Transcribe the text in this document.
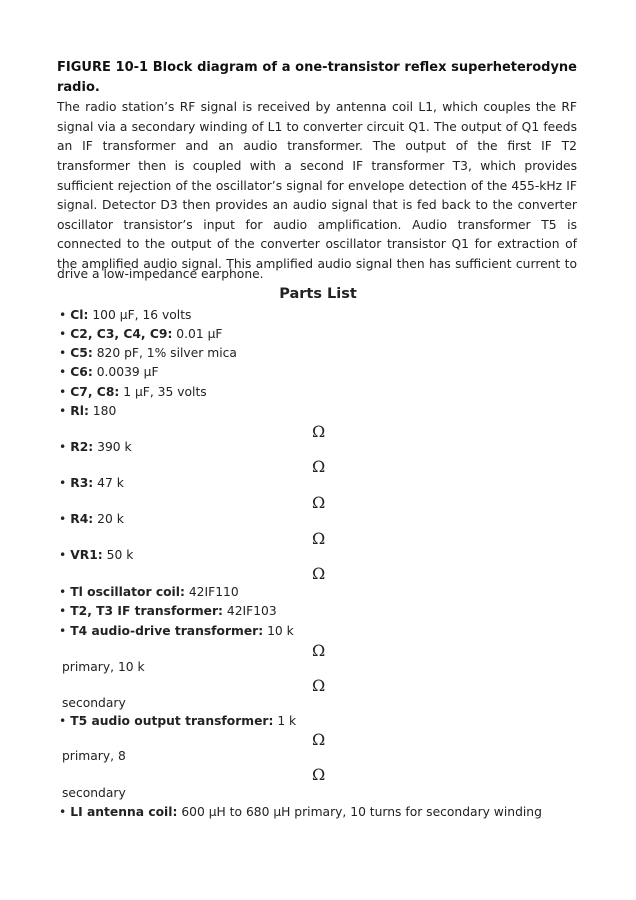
FIGURE 10-1 Block diagram of a one-transistor reflex superheterodyne
radio.
The radio station’s RF signal is received by antenna coil L1, which couples the RF
signal via a secondary winding of L1 to converter circuit Q1. The output of Q1 feeds
an IF transformer and an audio transformer. The output of the first IF T2
transformer then is coupled with a second IF transformer T3, which provides
sufficient rejection of the oscillator’s signal for envelope detection of the 455-kHz IF
signal. Detector D3 then provides an audio signal that is fed back to the converter
oscillator transistor’s input for audio amplification. Audio transformer T5 is
connected to the output of the converter oscillator transistor Q1 for extraction of
the amplified audio signal. This amplified audio signal then has sufficient current to
drive a low-impedance earphone.
Parts List
• Cl: 100 µF, 16 volts
• C2, C3, C4, C9: 0.01 µF
• C5: 820 pF, 1% silver mica
• C6: 0.0039 µF
• C7, C8: 1 µF, 35 volts
• Rl: 180
Ω
• R2: 390 k
Ω
• R3: 47 k
Ω
• R4: 20 k
Ω
• VR1: 50 k
Ω
• Tl oscillator coil: 42IF110
• T2, T3 IF transformer: 42IF103
• T4 audio-drive transformer: 10 k
Ω
primary, 10 k
Ω
secondary
• T5 audio output transformer: 1 k
Ω
primary, 8
Ω
secondary
• LI antenna coil: 600 µH to 680 µH primary, 10 turns for secondary winding
